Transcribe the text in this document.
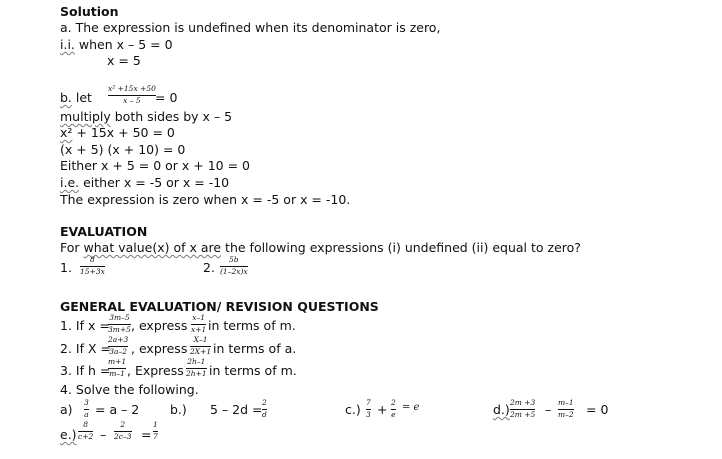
Solution
a. The expression is undefined when its denominator is zero,
i.i. when x – 5 = 0
x = 5
b. let
x² +15x +50
x – 5 = 0
multiply both sides by x – 5
x² + 15x + 50 = 0
(x + 5) (x + 10) = 0
Either x + 5 = 0 or x + 10 = 0
i.e. either x = -5 or x = -10
The expression is zero when x = -5 or x = -10.
EVALUATION
For what value(x) of x are the following expressions (i) undefined (ii) equal to zero?
1.
8
15+3x	2.
5b
(1–2x)x
GENERAL EVALUATION/ REVISION QUESTIONS
1. If x =
3m–5
3m+5 , express
x–1
x+1 in terms of m.
2. If X =
2a+3
3a–2 , express
X–1
2X+1 in terms of a.
3. If h =
m+1
m–1 , Express
2h–1
2h+1 in terms of m.
4. Solve the following.
a) 3
a = a – 2 b.) 5 – 2d = 2
d	c.) 7
3 + 2
e
= e	d.) 2m +3
2m +5 – m–1
m–2 = 0
e.)
8
c+2 –
2
2c–3 =
1
7
